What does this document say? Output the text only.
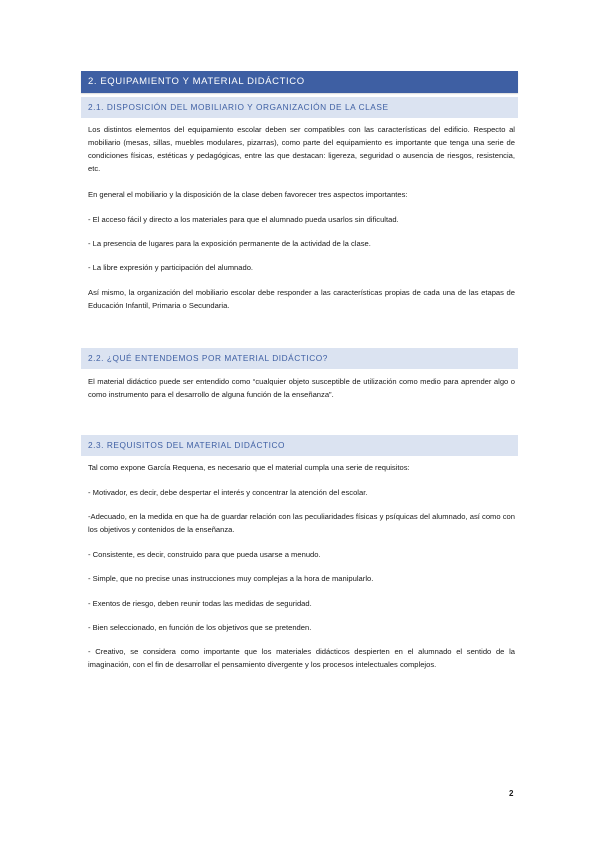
2. EQUIPAMIENTO Y MATERIAL DIDÁCTICO
2.1. DISPOSICIÓN DEL MOBILIARIO Y ORGANIZACIÓN DE LA CLASE

Los distintos elementos del equipamiento escolar deben ser compatibles con las características del edificio. Respecto al mobiliario (mesas, sillas, muebles modulares, pizarras), como parte del equipamiento es importante que tenga una serie de condiciones físicas, estéticas y pedagógicas, entre las que destacan: ligereza, seguridad o ausencia de riesgos, resistencia, etc.

En general el mobiliario y la disposición de la clase deben favorecer tres aspectos importantes:

- El acceso fácil y directo a los materiales para que el alumnado pueda usarlos sin dificultad.

- La presencia de lugares para la exposición permanente de la actividad de la clase.

- La libre expresión y participación del alumnado.

Así mismo, la organización del mobiliario escolar debe responder a las características propias de cada una de las etapas de Educación Infantil, Primaria o Secundaria.

2.2. ¿QUÉ ENTENDEMOS POR MATERIAL DIDÁCTICO?

El material didáctico puede ser entendido como “cualquier objeto susceptible de utilización como medio para aprender algo o como instrumento para el desarrollo de alguna función de la enseñanza”.

2.3. REQUISITOS DEL MATERIAL DIDÁCTICO

Tal como expone García Requena, es necesario que el material cumpla una serie de requisitos:

- Motivador, es decir, debe despertar el interés y concentrar la atención del escolar.

-Adecuado, en la medida en que ha de guardar relación con las peculiaridades físicas y psíquicas del alumnado, así como con los objetivos y contenidos de la enseñanza.

- Consistente, es decir, construido para que pueda usarse a menudo.

- Simple, que no precise unas instrucciones muy complejas a la hora de manipularlo.

- Exentos de riesgo, deben reunir todas las medidas de seguridad.

- Bien seleccionado, en función de los objetivos que se pretenden.

- Creativo, se considera como importante que los materiales didácticos despierten en el alumnado el sentido de la imaginación, con el fin de desarrollar el pensamiento divergente y los procesos intelectuales complejos.

2
